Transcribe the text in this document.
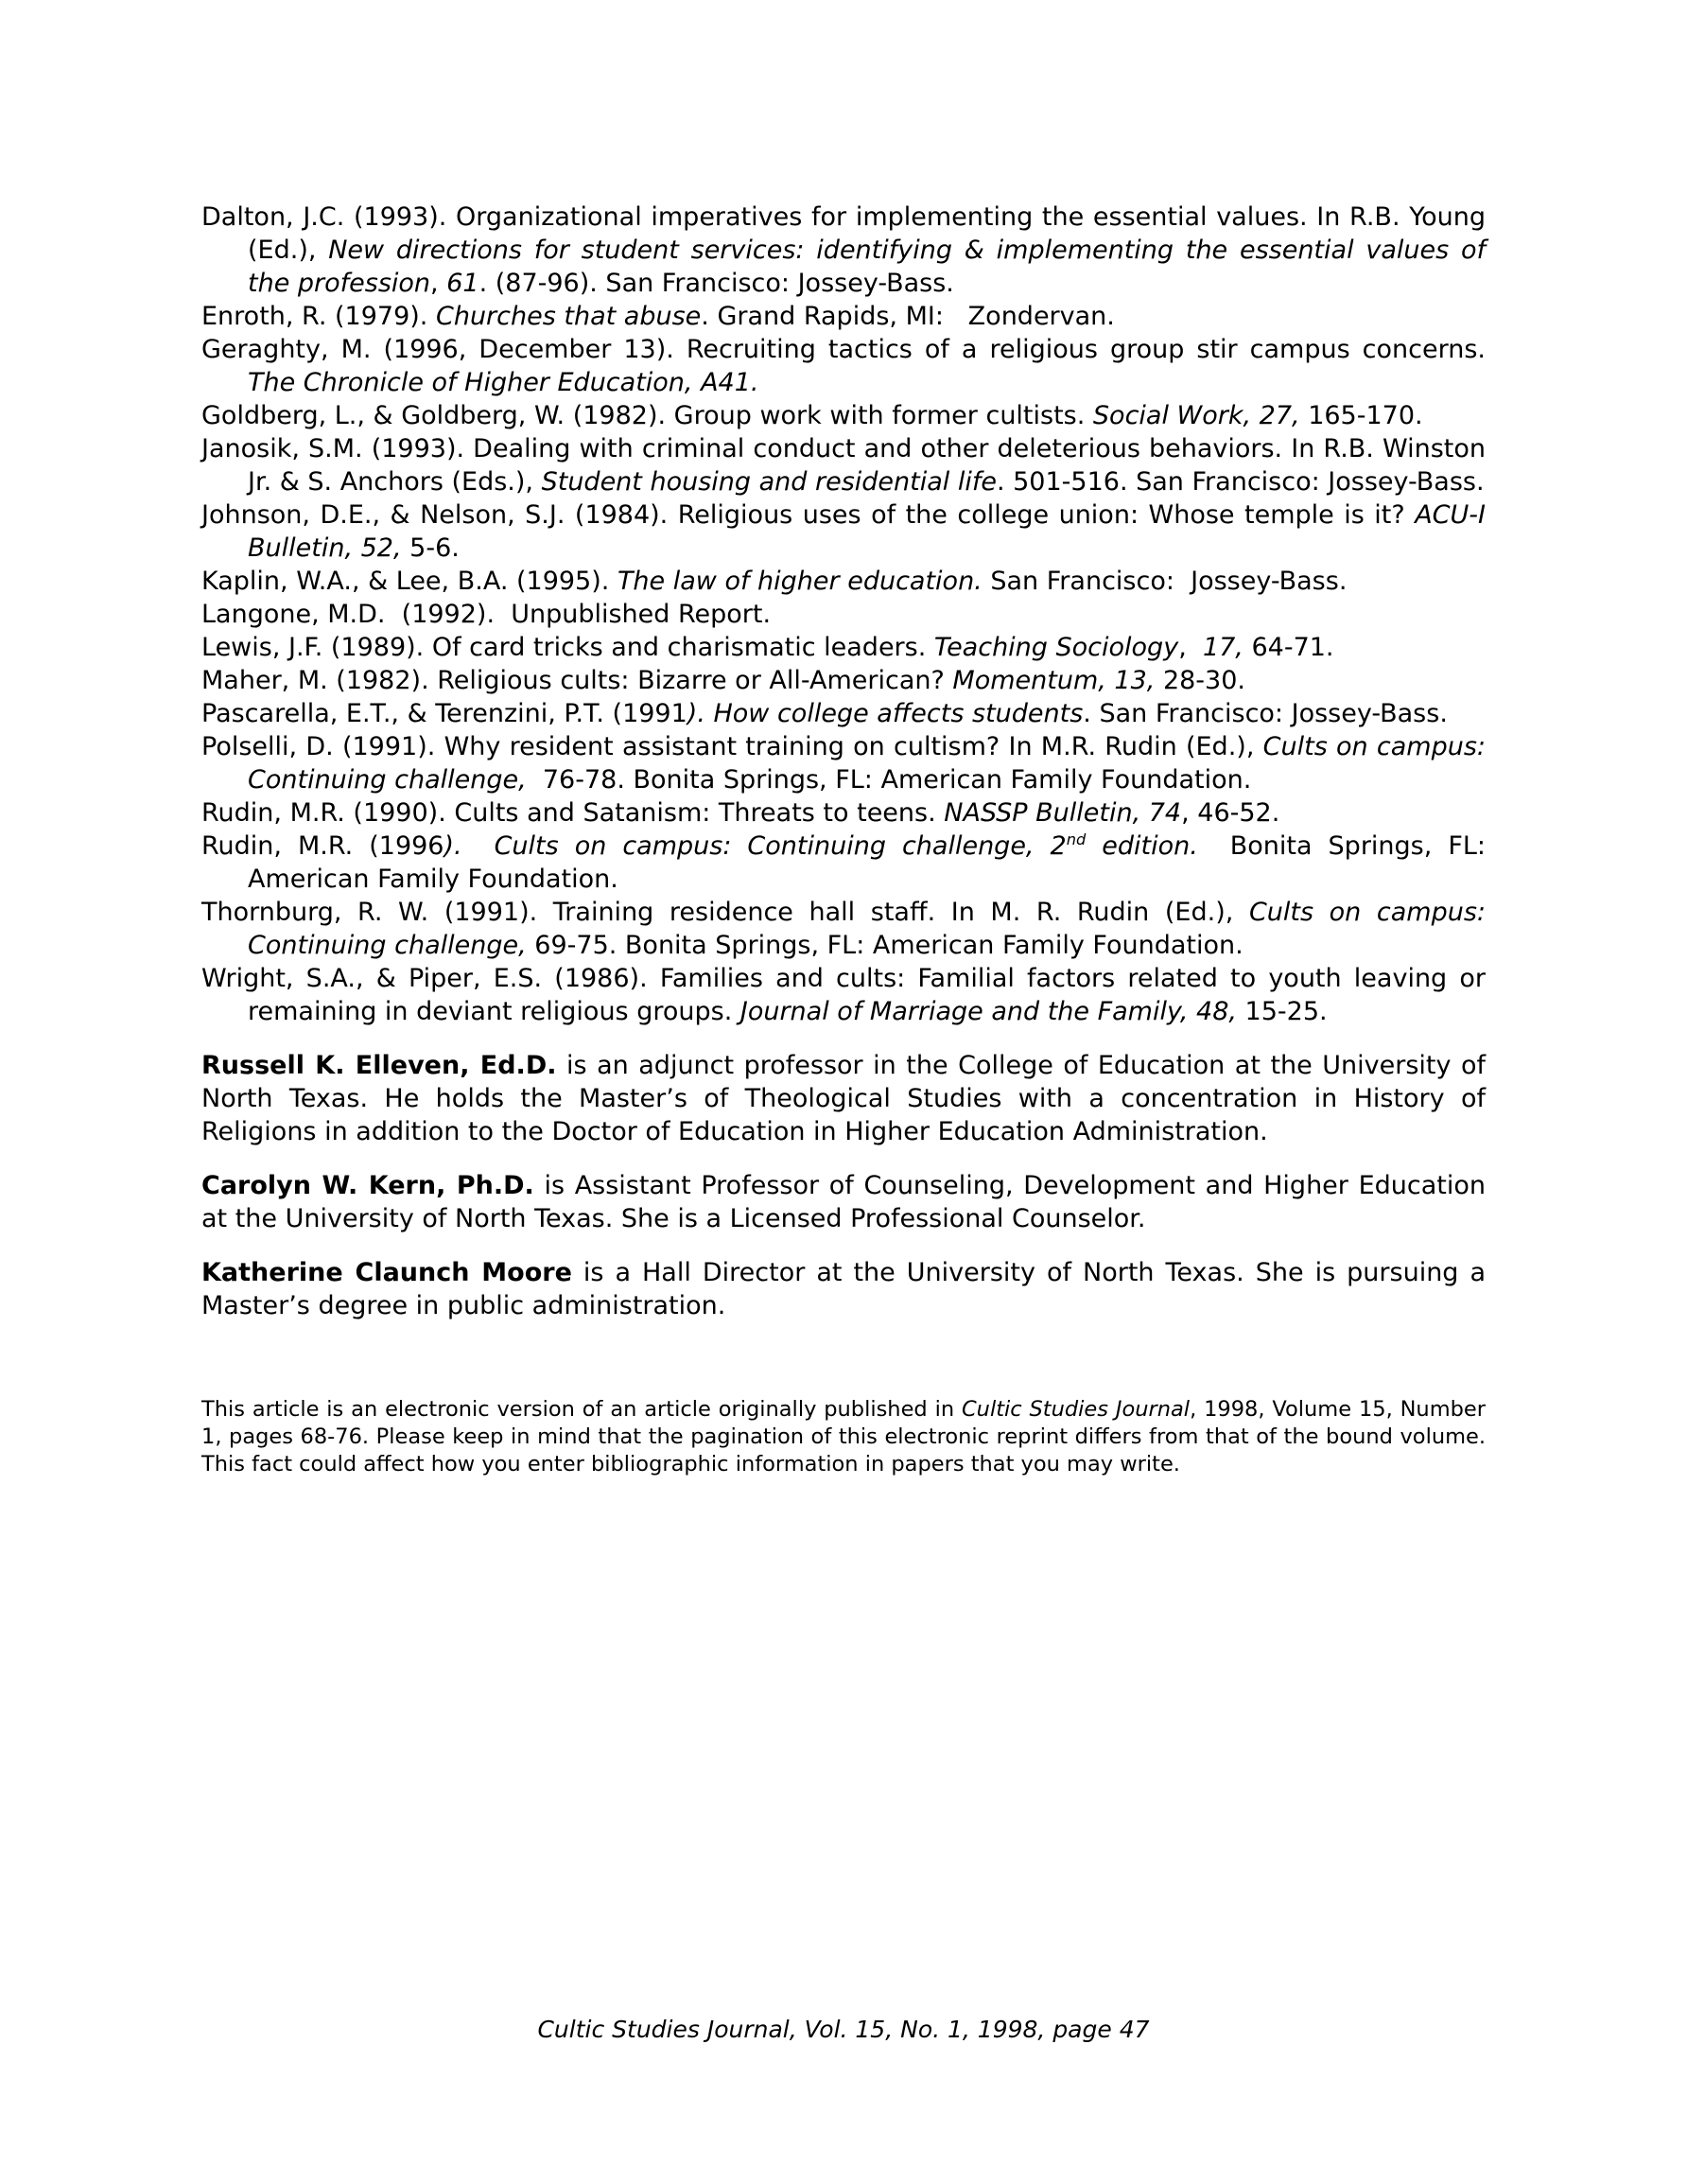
Dalton, J.C. (1993). Organizational imperatives for implementing the essential values. In R.B. Young (Ed.), New directions for student services: identifying & implementing the essential values of the profession, 61. (87-96). San Francisco: Jossey-Bass.

Enroth, R. (1979). Churches that abuse. Grand Rapids, MI:   Zondervan.

Geraghty, M. (1996, December 13). Recruiting tactics of a religious group stir campus concerns. The Chronicle of Higher Education, A41.

Goldberg, L., & Goldberg, W. (1982). Group work with former cultists. Social Work, 27, 165-170.

Janosik, S.M. (1993). Dealing with criminal conduct and other deleterious behaviors. In R.B. Winston Jr. & S. Anchors (Eds.), Student housing and residential life. 501-516. San Francisco: Jossey-Bass.

Johnson, D.E., & Nelson, S.J. (1984). Religious uses of the college union: Whose temple is it? ACU-I Bulletin, 52, 5-6.

Kaplin, W.A., & Lee, B.A. (1995). The law of higher education. San Francisco:  Jossey-Bass.

Langone, M.D.  (1992).  Unpublished Report.

Lewis, J.F. (1989). Of card tricks and charismatic leaders. Teaching Sociology,  17, 64-71.

Maher, M. (1982). Religious cults: Bizarre or All-American? Momentum, 13, 28-30.

Pascarella, E.T., & Terenzini, P.T. (1991). How college affects students. San Francisco: Jossey-Bass.

Polselli, D. (1991). Why resident assistant training on cultism? In M.R. Rudin (Ed.), Cults on campus: Continuing challenge,  76-78. Bonita Springs, FL: American Family Foundation.

Rudin, M.R. (1990). Cults and Satanism: Threats to teens. NASSP Bulletin, 74, 46-52.

Rudin, M.R. (1996).  Cults on campus: Continuing challenge, 2nd edition.  Bonita Springs, FL: American Family Foundation.

Thornburg, R. W. (1991). Training residence hall staff. In M. R. Rudin (Ed.), Cults on campus: Continuing challenge, 69-75. Bonita Springs, FL: American Family Foundation.

Wright, S.A., & Piper, E.S. (1986). Families and cults: Familial factors related to youth leaving or remaining in deviant religious groups. Journal of Marriage and the Family, 48, 15-25.

Russell K. Elleven, Ed.D. is an adjunct professor in the College of Education at the University of North Texas. He holds the Master’s of Theological Studies with a concentration in History of Religions in addition to the Doctor of Education in Higher Education Administration.

Carolyn W. Kern, Ph.D. is Assistant Professor of Counseling, Development and Higher Education at the University of North Texas. She is a Licensed Professional Counselor.

Katherine Claunch Moore is a Hall Director at the University of North Texas. She is pursuing a Master’s degree in public administration.

This article is an electronic version of an article originally published in Cultic Studies Journal, 1998, Volume 15, Number 1, pages 68-76. Please keep in mind that the pagination of this electronic reprint differs from that of the bound volume. This fact could affect how you enter bibliographic information in papers that you may write.

Cultic Studies Journal, Vol. 15, No. 1, 1998, page 47
